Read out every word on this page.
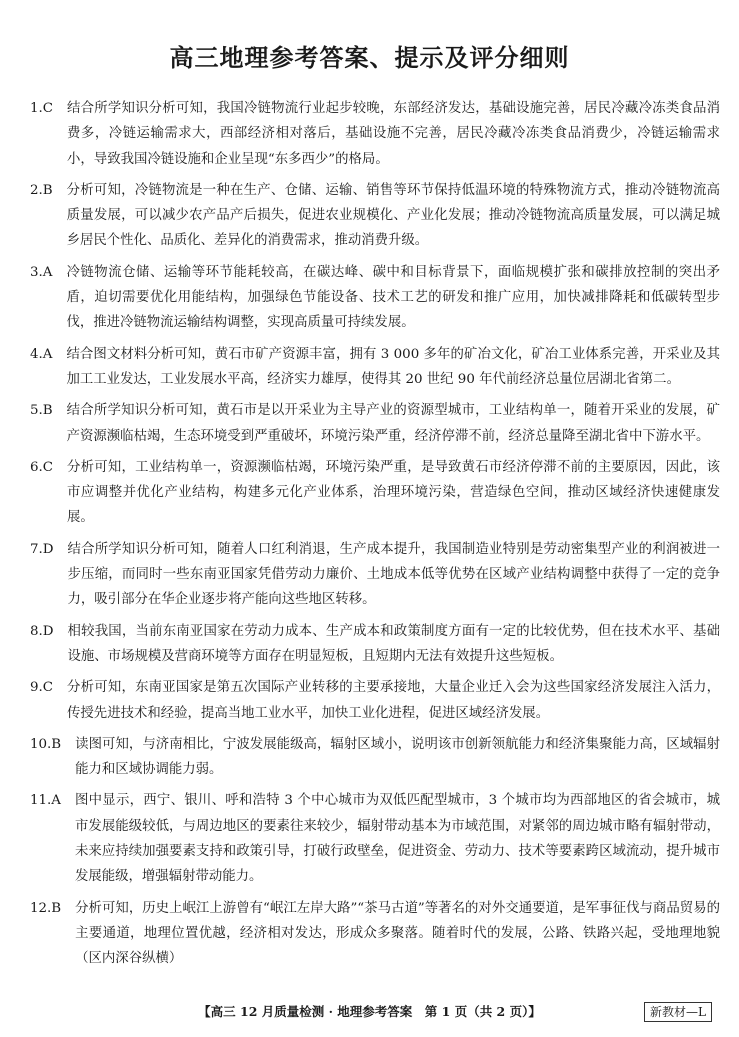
高三地理参考答案、提示及评分细则
1.C 结合所学知识分析可知，我国冷链物流行业起步较晚，东部经济发达，基础设施完善，居民冷藏冷冻类食品消费多，冷链运输需求大，西部经济相对落后，基础设施不完善，居民冷藏冷冻类食品消费少，冷链运输需求小，导致我国冷链设施和企业呈现“东多西少”的格局。
2.B 分析可知，冷链物流是一种在生产、仓储、运输、销售等环节保持低温环境的特殊物流方式，推动冷链物流高质量发展，可以减少农产品产后损失，促进农业规模化、产业化发展；推动冷链物流高质量发展，可以满足城乡居民个性化、品质化、差异化的消费需求，推动消费升级。
3.A 冷链物流仓储、运输等环节能耗较高，在碳达峰、碳中和目标背景下，面临规模扩张和碳排放控制的突出矛盾，迫切需要优化用能结构，加强绿色节能设备、技术工艺的研发和推广应用，加快减排降耗和低碳转型步伐，推进冷链物流运输结构调整，实现高质量可持续发展。
4.A 结合图文材料分析可知，黄石市矿产资源丰富，拥有 3 000 多年的矿冶文化，矿冶工业体系完善，开采业及其加工工业发达，工业发展水平高，经济实力雄厚，使得其 20 世纪 90 年代前经济总量位居湖北省第二。
5.B 结合所学知识分析可知，黄石市是以开采业为主导产业的资源型城市，工业结构单一，随着开采业的发展，矿产资源濒临枯竭，生态环境受到严重破坏，环境污染严重，经济停滞不前，经济总量降至湖北省中下游水平。
6.C 分析可知，工业结构单一，资源濒临枯竭，环境污染严重，是导致黄石市经济停滞不前的主要原因，因此，该市应调整并优化产业结构，构建多元化产业体系，治理环境污染，营造绿色空间，推动区域经济快速健康发展。
7.D 结合所学知识分析可知，随着人口红利消退，生产成本提升，我国制造业特别是劳动密集型产业的利润被进一步压缩，而同时一些东南亚国家凭借劳动力廉价、土地成本低等优势在区域产业结构调整中获得了一定的竞争力，吸引部分在华企业逐步将产能向这些地区转移。
8.D 相较我国，当前东南亚国家在劳动力成本、生产成本和政策制度方面有一定的比较优势，但在技术水平、基础设施、市场规模及营商环境等方面存在明显短板，且短期内无法有效提升这些短板。
9.C 分析可知，东南亚国家是第五次国际产业转移的主要承接地，大量企业迁入会为这些国家经济发展注入活力，传授先进技术和经验，提高当地工业水平，加快工业化进程，促进区域经济发展。
10.B 读图可知，与济南相比，宁波发展能级高，辐射区域小，说明该市创新领航能力和经济集聚能力高，区域辐射能力和区域协调能力弱。
11.A 图中显示，西宁、银川、呼和浩特 3 个中心城市为双低匹配型城市，3 个城市均为西部地区的省会城市，城市发展能级较低，与周边地区的要素往来较少，辐射带动基本为市域范围，对紧邻的周边城市略有辐射带动，未来应持续加强要素支持和政策引导，打破行政壁垒，促进资金、劳动力、技术等要素跨区域流动，提升城市发展能级，增强辐射带动能力。
12.B 分析可知，历史上岷江上游曾有“岷江左岸大路”“茶马古道”等著名的对外交通要道，是军事征伐与商品贸易的主要通道，地理位置优越，经济相对发达，形成众多聚落。随着时代的发展，公路、铁路兴起，受地理地貌（区内深谷纵横）
【高三 12 月质量检测 · 地理参考答案　第 1 页（共 2 页）】	新教材—L
